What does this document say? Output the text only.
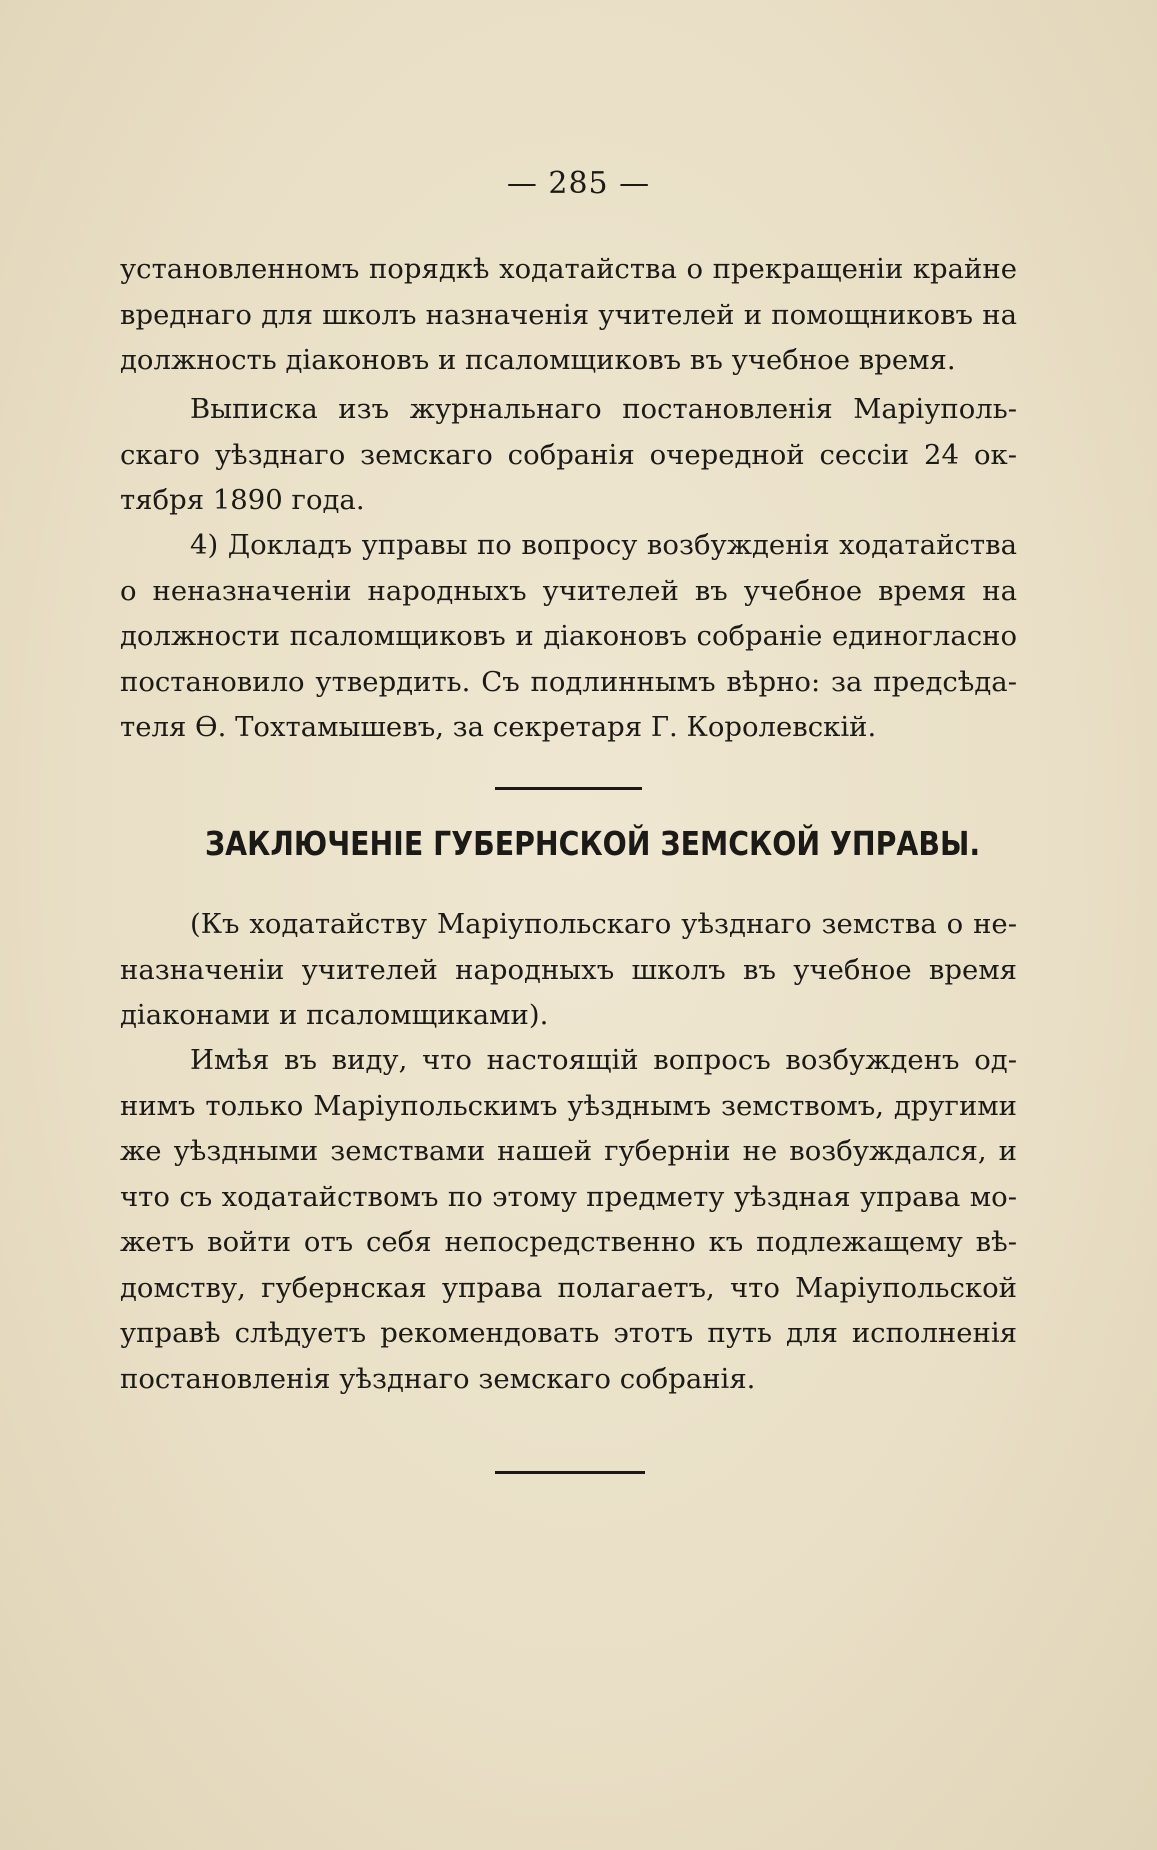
— 285 —
установленномъ порядкѣ ходатайства о прекращеніи крайне
вреднаго для школъ назначенія учителей и помощниковъ на
должность діаконовъ и псаломщиковъ въ учебное время.
Выписка изъ журнальнаго постановленія Маріуполь-
скаго уѣзднаго земскаго собранія очередной сессіи 24 ок-
тября 1890 года.
4) Докладъ управы по вопросу возбужденія ходатайства
о неназначеніи народныхъ учителей въ учебное время на
должности псаломщиковъ и діаконовъ собраніе единогласно
постановило утвердить. Съ подлиннымъ вѣрно: за предсѣда-
теля Ѳ. Тохтамышевъ, за секретаря Г. Королевскій.
ЗАКЛЮЧЕНІЕ ГУБЕРНСКОЙ ЗЕМСКОЙ УПРАВЫ.
(Къ ходатайству Маріупольскаго уѣзднаго земства о не-
назначеніи учителей народныхъ школъ въ учебное время
діаконами и псаломщиками).
Имѣя въ виду, что настоящій вопросъ возбужденъ од-
нимъ только Маріупольскимъ уѣзднымъ земствомъ, другими
же уѣздными земствами нашей губерніи не возбуждался, и
что съ ходатайствомъ по этому предмету уѣздная управа мо-
жетъ войти отъ себя непосредственно къ подлежащему вѣ-
домству, губернская управа полагаетъ, что Маріупольской
управѣ слѣдуетъ рекомендовать этотъ путь для исполненія
постановленія уѣзднаго земскаго собранія.
